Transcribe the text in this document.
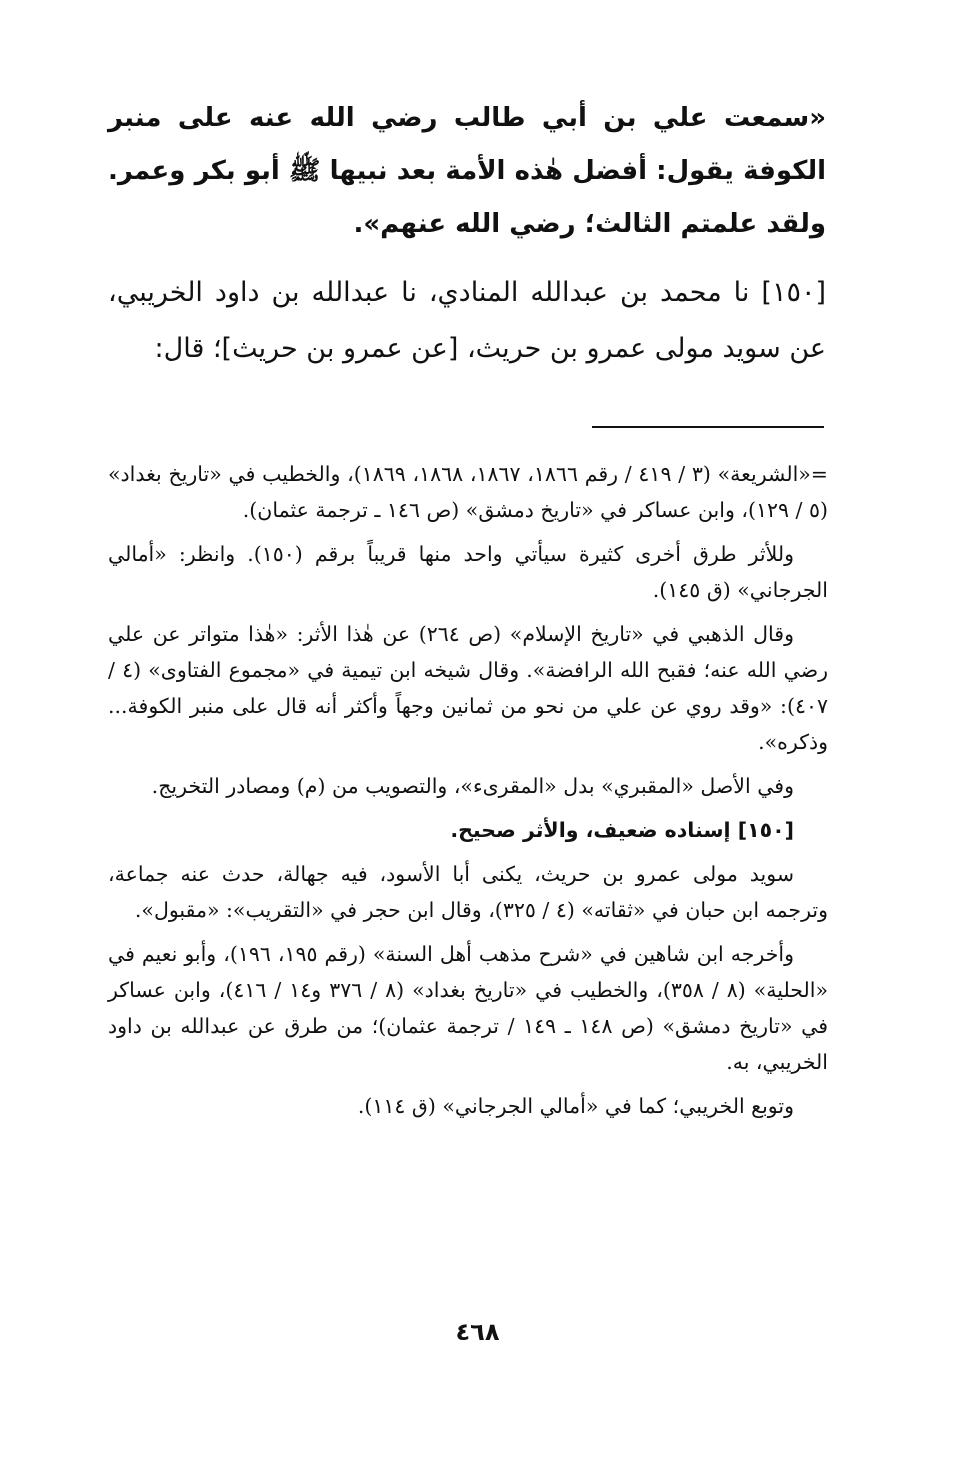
«سمعت علي بن أبي طالب رضي الله عنه على منبر الكوفة يقول: أفضل هٰذه الأمة بعد نبيها ﷺ أبو بكر وعمر. ولقد علمتم الثالث؛ رضي الله عنهم».

[١٥٠] نا محمد بن عبدالله المنادي، نا عبدالله بن داود الخريبي، عن سويد مولى عمرو بن حريث، [عن عمرو بن حريث]؛ قال:

=«الشريعة» (٣ / ٤١٩ / رقم ١٨٦٦، ١٨٦٧، ١٨٦٨، ١٨٦٩)، والخطيب في «تاريخ بغداد» (٥ / ١٢٩)، وابن عساكر في «تاريخ دمشق» (ص ١٤٦ ـ ترجمة عثمان).

وللأثر طرق أخرى كثيرة سيأتي واحد منها قريباً برقم (١٥٠). وانظر: «أمالي الجرجاني» (ق ١٤٥).

وقال الذهبي في «تاريخ الإسلام» (ص ٢٦٤) عن هٰذا الأثر: «هٰذا متواتر عن علي رضي الله عنه؛ فقبح الله الرافضة». وقال شيخه ابن تيمية في «مجموع الفتاوى» (٤ / ٤٠٧): «وقد روي عن علي من نحو من ثمانين وجهاً وأكثر أنه قال على منبر الكوفة... وذكره».

وفي الأصل «المقبري» بدل «المقرىء»، والتصويب من (م) ومصادر التخريج.

[١٥٠] إسناده ضعيف، والأثر صحيح.

سويد مولى عمرو بن حريث، يكنى أبا الأسود، فيه جهالة، حدث عنه جماعة، وترجمه ابن حبان في «ثقاته» (٤ / ٣٢٥)، وقال ابن حجر في «التقريب»: «مقبول».

وأخرجه ابن شاهين في «شرح مذهب أهل السنة» (رقم ١٩٥، ١٩٦)، وأبو نعيم في «الحلية» (٨ / ٣٥٨)، والخطيب في «تاريخ بغداد» (٨ / ٣٧٦ و١٤ / ٤١٦)، وابن عساكر في «تاريخ دمشق» (ص ١٤٨ ـ ١٤٩ / ترجمة عثمان)؛ من طرق عن عبدالله بن داود الخريبي، به.

وتوبع الخريبي؛ كما في «أمالي الجرجاني» (ق ١١٤).

٤٦٨
